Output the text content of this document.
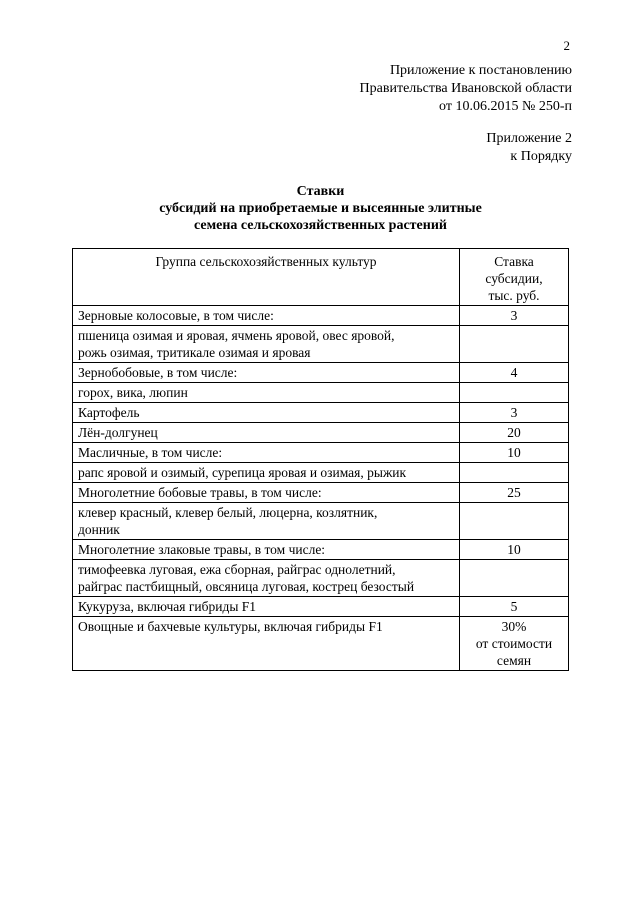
2
Приложение к постановлению
Правительства Ивановской области
от 10.06.2015 № 250-п
Приложение 2
к Порядку
Ставки
субсидий на приобретаемые и высеянные элитные
семена сельскохозяйственных растений
Группа сельскохозяйственных культур	Ставка
субсидии,
тыс. руб.

Зерновые колосовые, в том числе:	3

пшеница озимая и яровая, ячмень яровой, овес яровой,
рожь озимая, тритикале озимая и яровая	

Зернобобовые, в том числе:	4

горох, вика, люпин	

Картофель	3

Лён-долгунец	20

Масличные, в том числе:	10

рапс яровой и озимый, сурепица яровая и озимая, рыжик	

Многолетние бобовые травы, в том числе:	25

клевер красный, клевер белый, люцерна, козлятник,
донник	

Многолетние злаковые травы, в том числе:	10

тимофеевка луговая, ежа сборная, райграс однолетний,
райграс пастбищный, овсяница луговая, кострец безостый	

Кукуруза, включая гибриды F1	5

Овощные и бахчевые культуры, включая гибриды F1	30%
от стоимости
семян
